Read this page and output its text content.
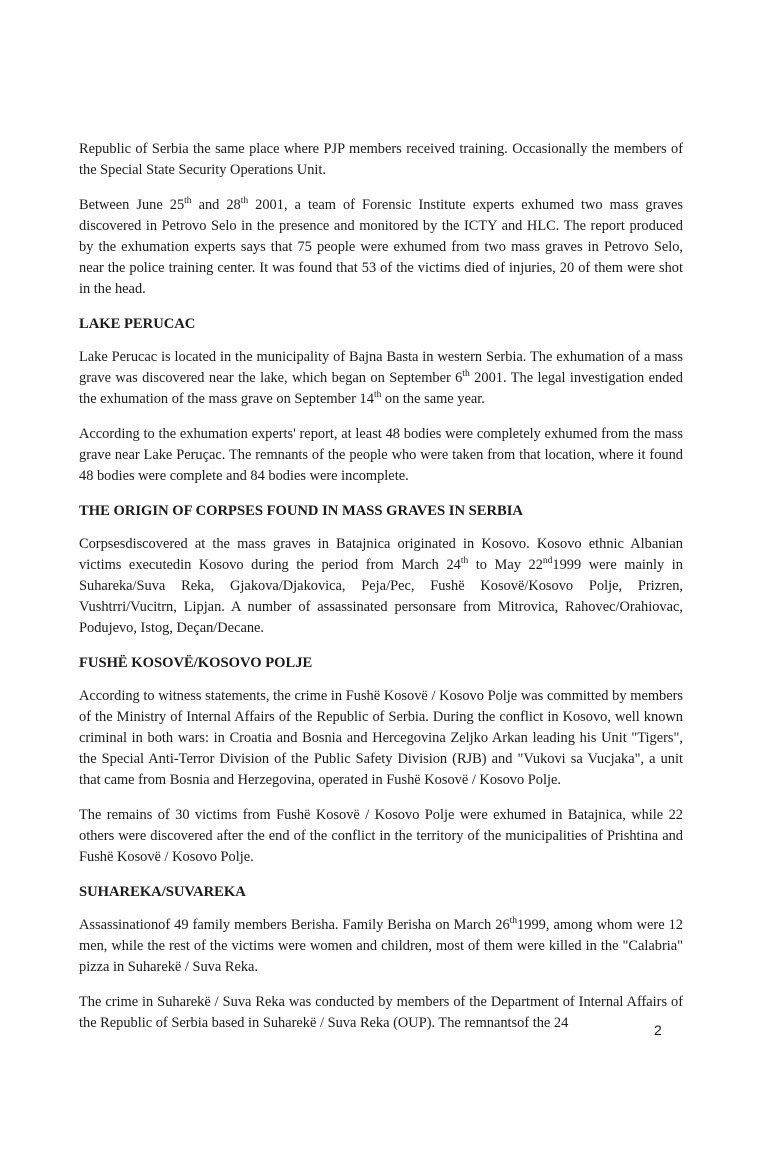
Republic of Serbia the same place where PJP members received training. Occasionally the members of the Special State Security Operations Unit.

Between June 25th and 28th 2001, a team of Forensic Institute experts exhumed two mass graves discovered in Petrovo Selo in the presence and monitored by the ICTY and HLC. The report produced by the exhumation experts says that 75 people were exhumed from two mass graves in Petrovo Selo, near the police training center. It was found that 53 of the victims died of injuries, 20 of them were shot in the head.

LAKE PERUCAC

Lake Perucac is located in the municipality of Bajna Basta in western Serbia. The exhumation of a mass grave was discovered near the lake, which began on September 6th 2001. The legal investigation ended the exhumation of the mass grave on September 14th on the same year.

According to the exhumation experts' report, at least 48 bodies were completely exhumed from the mass grave near Lake Peruçac. The remnants of the people who were taken from that location, where it found 48 bodies were complete and 84 bodies were incomplete.

THE ORIGIN OF CORPSES FOUND IN MASS GRAVES IN SERBIA

Corpsesdiscovered at the mass graves in Batajnica originated in Kosovo. Kosovo ethnic Albanian victims executedin Kosovo during the period from March 24th to May 22nd1999 were mainly in Suhareka/Suva Reka, Gjakova/Djakovica, Peja/Pec, Fushë Kosovë/Kosovo Polje, Prizren, Vushtrri/Vucitrn, Lipjan. A number of assassinated personsare from Mitrovica, Rahovec/Orahiovac, Podujevo, Istog, Deçan/Decane.

FUSHË KOSOVË/KOSOVO POLJE

According to witness statements, the crime in Fushë Kosovë / Kosovo Polje was committed by members of the Ministry of Internal Affairs of the Republic of Serbia. During the conflict in Kosovo, well known criminal in both wars: in Croatia and Bosnia and Hercegovina Zeljko Arkan leading his Unit "Tigers", the Special Anti-Terror Division of the Public Safety Division (RJB) and "Vukovi sa Vucjaka", a unit that came from Bosnia and Herzegovina, operated in Fushë Kosovë / Kosovo Polje.

The remains of 30 victims from Fushë Kosovë / Kosovo Polje were exhumed in Batajnica, while 22 others were discovered after the end of the conflict in the territory of the municipalities of Prishtina and Fushë Kosovë / Kosovo Polje.

SUHAREKA/SUVAREKA

Assassinationof 49 family members Berisha. Family Berisha on March 26th1999, among whom were 12 men, while the rest of the victims were women and children, most of them were killed in the "Calabria" pizza in Suharekë / Suva Reka.

The crime in Suharekë / Suva Reka was conducted by members of the Department of Internal Affairs of the Republic of Serbia based in Suharekë / Suva Reka (OUP). The remnantsof the 24	2
